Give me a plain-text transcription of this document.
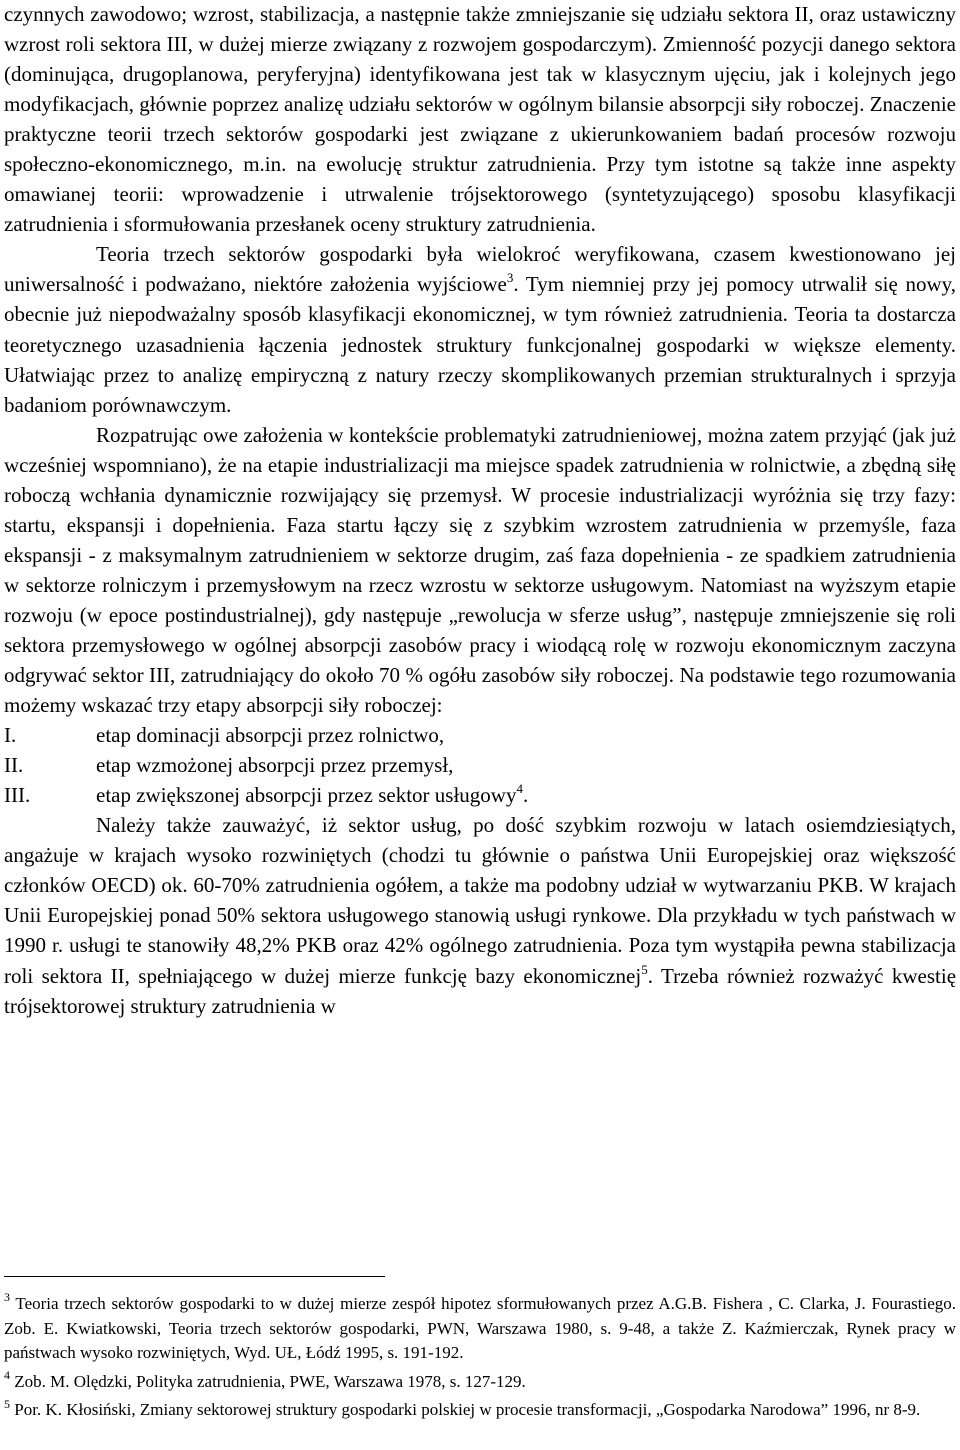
czynnych zawodowo; wzrost, stabilizacja, a następnie także zmniejszanie się udziału sektora II, oraz ustawiczny wzrost roli sektora III, w dużej mierze związany z rozwojem gospodarczym). Zmienność pozycji danego sektora (dominująca, drugoplanowa, peryferyjna) identyfikowana jest tak w klasycznym ujęciu, jak i kolejnych jego modyfikacjach, głównie poprzez analizę udziału sektorów w ogólnym bilansie absorpcji siły roboczej. Znaczenie praktyczne teorii trzech sektorów gospodarki jest związane z ukierunkowaniem badań procesów rozwoju społeczno-ekonomicznego, m.in. na ewolucję struktur zatrudnienia. Przy tym istotne są także inne aspekty omawianej teorii: wprowadzenie i utrwalenie trójsektorowego (syntetyzującego) sposobu klasyfikacji zatrudnienia i sformułowania przesłanek oceny struktury zatrudnienia.

Teoria trzech sektorów gospodarki była wielokroć weryfikowana, czasem kwestionowano jej uniwersalność i podważano, niektóre założenia wyjściowe$^3$. Tym niemniej przy jej pomocy utrwalił się nowy, obecnie już niepodważalny sposób klasyfikacji ekonomicznej, w tym również zatrudnienia. Teoria ta dostarcza teoretycznego uzasadnienia łączenia jednostek struktury funkcjonalnej gospodarki w większe elementy. Ułatwiając przez to analizę empiryczną z natury rzeczy skomplikowanych przemian strukturalnych i sprzyja badaniom porównawczym.

Rozpatrując owe założenia w kontekście problematyki zatrudnieniowej, można zatem przyjąć (jak już wcześniej wspomniano), że na etapie industrializacji ma miejsce spadek zatrudnienia w rolnictwie, a zbędną siłę roboczą wchłania dynamicznie rozwijający się przemysł. W procesie industrializacji wyróżnia się trzy fazy: startu, ekspansji i dopełnienia. Faza startu łączy się z szybkim wzrostem zatrudnienia w przemyśle, faza ekspansji - z maksymalnym zatrudnieniem w sektorze drugim, zaś faza dopełnienia - ze spadkiem zatrudnienia w sektorze rolniczym i przemysłowym na rzecz wzrostu w sektorze usługowym. Natomiast na wyższym etapie rozwoju (w epoce postindustrialnej), gdy następuje „rewolucja w sferze usług”, następuje zmniejszenie się roli sektora przemysłowego w ogólnej absorpcji zasobów pracy i wiodącą rolę w rozwoju ekonomicznym zaczyna odgrywać sektor III, zatrudniający do około 70 % ogółu zasobów siły roboczej. Na podstawie tego rozumowania możemy wskazać trzy etapy absorpcji siły roboczej:

I.	etap dominacji absorpcji przez rolnictwo,
II.	etap wzmożonej absorpcji przez przemysł,
III.	etap zwiększonej absorpcji przez sektor usługowy$^4$.

Należy także zauważyć, iż sektor usług, po dość szybkim rozwoju w latach osiemdziesiątych, angażuje w krajach wysoko rozwiniętych (chodzi tu głównie o państwa Unii Europejskiej oraz większość członków OECD) ok. 60-70% zatrudnienia ogółem, a także ma podobny udział w wytwarzaniu PKB. W krajach Unii Europejskiej ponad 50% sektora usługowego stanowią usługi rynkowe. Dla przykładu w tych państwach w 1990 r. usługi te stanowiły 48,2% PKB oraz 42% ogólnego zatrudnienia. Poza tym wystąpiła pewna stabilizacja roli sektora II, spełniającego w dużej mierze funkcję bazy ekonomicznej$^5$. Trzeba również rozważyć kwestię trójsektorowej struktury zatrudnienia w

$^3$ Teoria trzech sektorów gospodarki to w dużej mierze zespół hipotez sformułowanych przez A.G.B. Fishera , C. Clarka, J. Fourastiego. Zob. E. Kwiatkowski, Teoria trzech sektorów gospodarki, PWN, Warszawa 1980, s. 9-48, a także Z. Kaźmierczak, Rynek pracy w państwach wysoko rozwiniętych, Wyd. UŁ, Łódź 1995, s. 191-192.

$^4$ Zob. M. Olędzki, Polityka zatrudnienia, PWE, Warszawa 1978, s. 127-129.

$^5$ Por. K. Kłosiński, Zmiany sektorowej struktury gospodarki polskiej w procesie transformacji, „Gospodarka Narodowa” 1996, nr 8-9.
